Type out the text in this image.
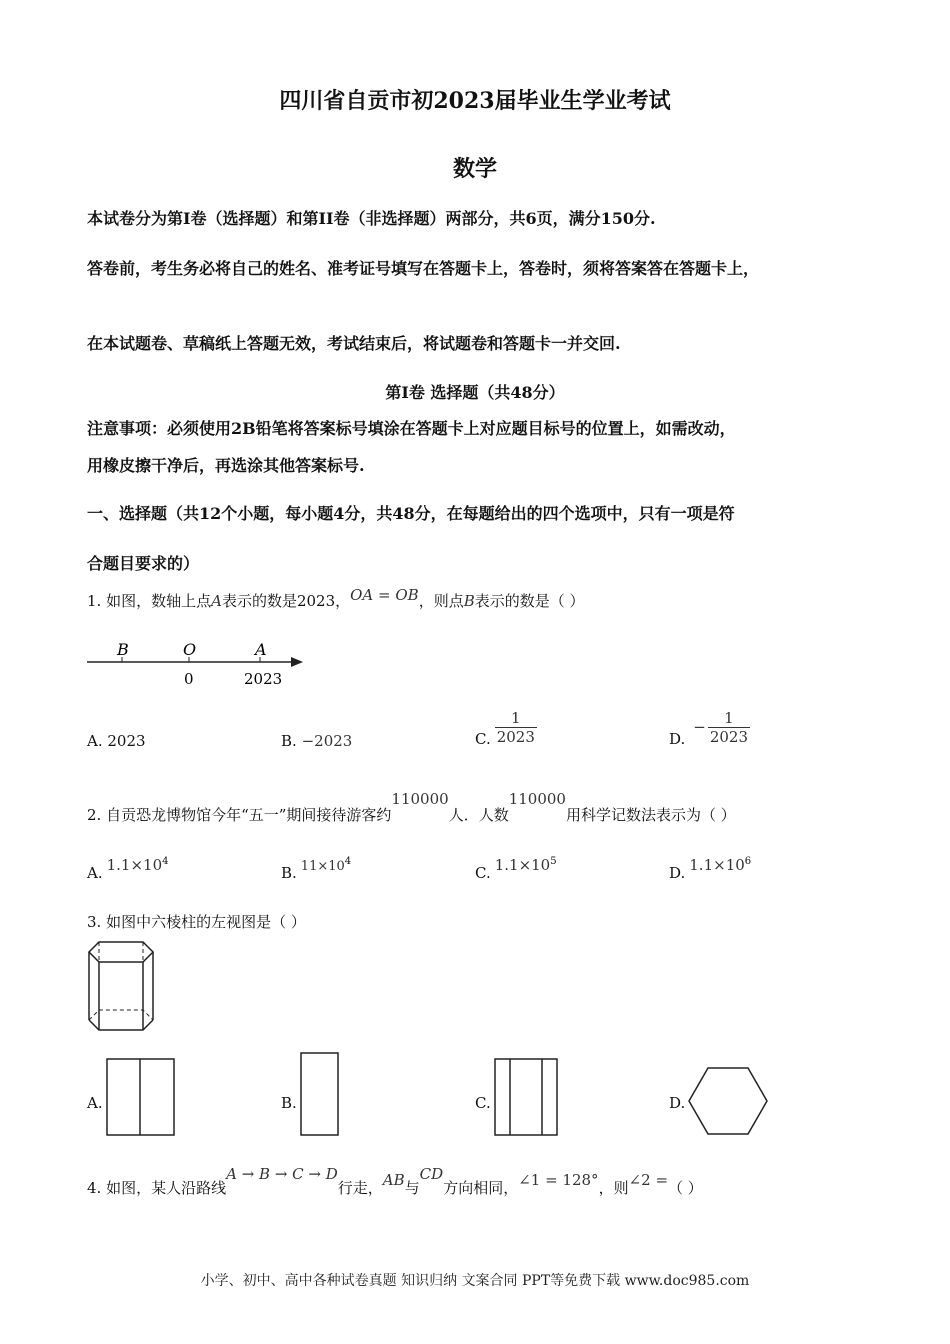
四川省自贡市初2023届毕业生学业考试
数学
本试卷分为第I卷（选择题）和第II卷（非选择题）两部分，共6页，满分150分.
答卷前，考生务必将自己的姓名、准考证号填写在答题卡上，答卷时，须将答案答在答题卡上，
在本试题卷、草稿纸上答题无效，考试结束后，将试题卷和答题卡一并交回.
第I卷 选择题（共48分）
注意事项：必须使用2B铅笔将答案标号填涂在答题卡上对应题目标号的位置上，如需改动，
用橡皮擦干净后，再选涂其他答案标号.
一、选择题（共12个小题，每小题4分，共48分，在每题给出的四个选项中，只有一项是符
合题目要求的）
1. 如图，数轴上点A表示的数是2023，OA = OB，则点B表示的数是（ ）
B	O	A
0	2023
A. 2023	B. −2023	C. $\frac{1}{2023}$	D.
− $\frac{1}{2023}$
2. 自贡恐龙博物馆今年“五一”期间接待游客约110000人．人数110000用科学记数法表示为（ ）
A. $1.1\times 10^4$
B. $11\times 10^4$
C. $1.1\times 10^5$
D. $1.1\times 10^6$
3. 如图中六棱柱的左视图是（ ）
A.	B.	C.	D.
4. 如图，某人沿路线A → B → C → D行走，AB与CD方向相同，∠1 = 128°，则∠2 =（ ）
小学、初中、高中各种试卷真题 知识归纳 文案合同 PPT等免费下载 www.doc985.com
